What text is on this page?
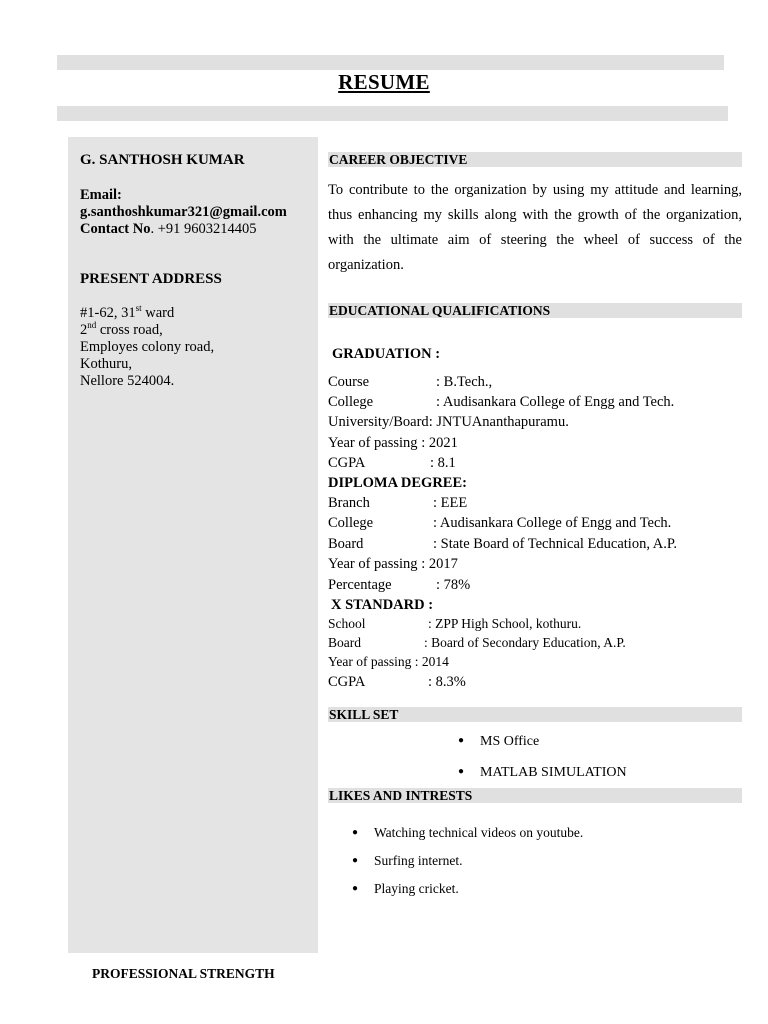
RESUME
G. SANTHOSH KUMAR
Email:
g.santhoshkumar321@gmail.com
Contact No. +91 9603214405
PRESENT ADDRESS
#1-62, 31st ward
2nd cross road,
Employes colony road,
Kothuru,
Nellore 524004.
CAREER OBJECTIVE
To contribute to the organization by using my attitude and learning, thus enhancing my skills along with the growth of the organization, with the ultimate aim of steering the wheel of success of the organization.
EDUCATIONAL QUALIFICATIONS
GRADUATION :
Course	: B.Tech.,
College	: Audisankara College of Engg and Tech.
University/Board: JNTUAnanthapuramu.
Year of passing : 2021
CGPA	: 8.1
DIPLOMA DEGREE:
Branch	: EEE
College	: Audisankara College of Engg and Tech.
Board	: State Board of Technical Education, A.P.
Year of passing : 2017
Percentage	: 78%
X STANDARD :
School	: ZPP High School, kothuru.
Board	: Board of Secondary Education, A.P.
Year of passing : 2014
CGPA	: 8.3%
SKILL SET
● MS Office
● MATLAB SIMULATION
LIKES AND INTRESTS
● Watching technical videos on youtube.
● Surfing internet.
● Playing cricket.
PROFESSIONAL STRENGTH
